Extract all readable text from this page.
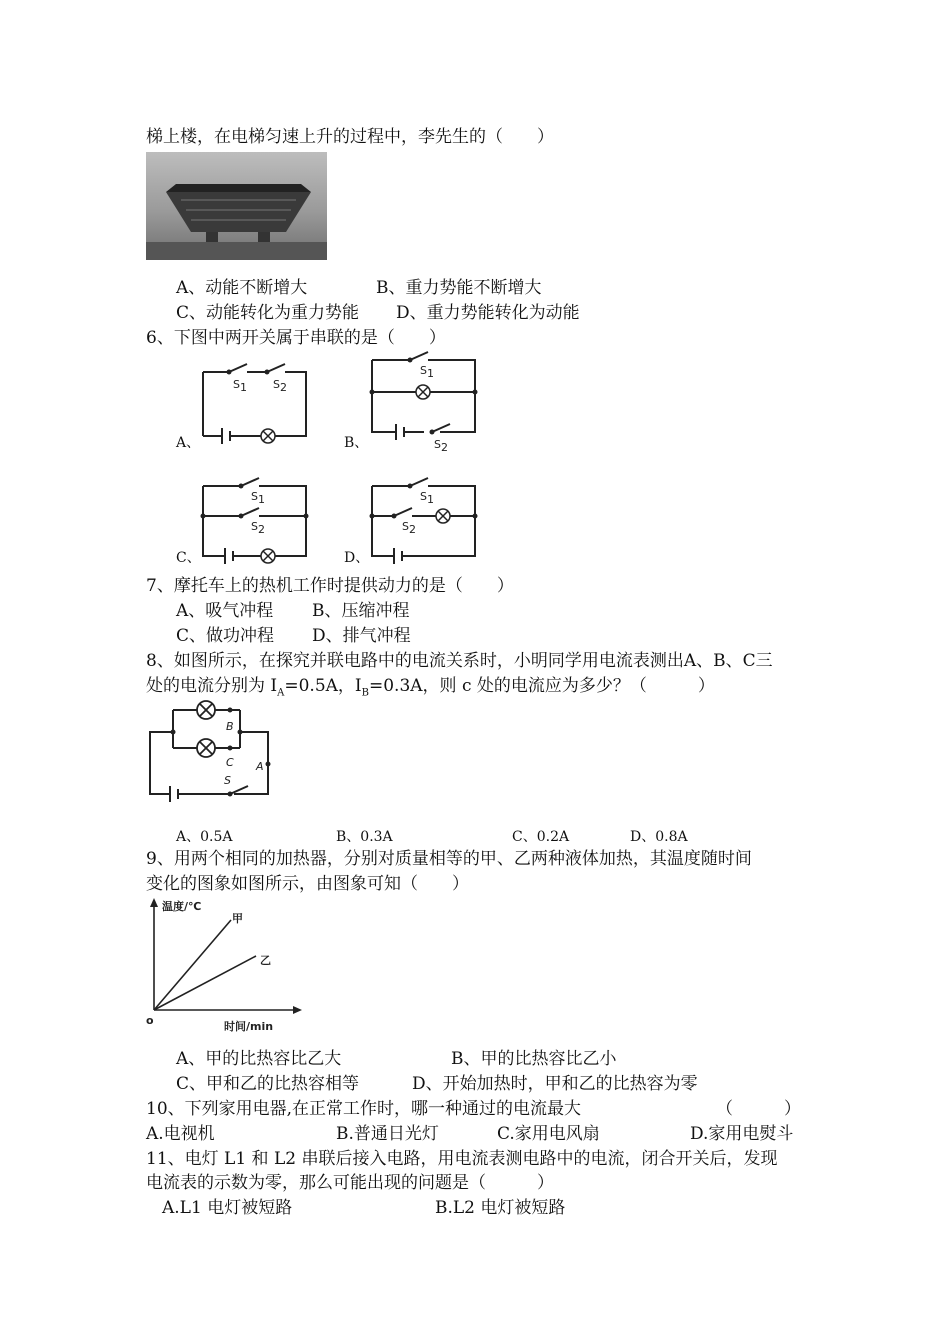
梯上楼，在电梯匀速上升的过程中，李先生的（　　）
A、动能不断增大	B、重力势能不断增大
C、动能转化为重力势能 D、重力势能转化为动能
6、下图中两开关属于串联的是（　　）
A、
S 1 S 2
B、
S 1
S 2
C、
S 1
S 2
D、
S 1
S 2
7、摩托车上的热机工作时提供动力的是（　　）
A、吸气冲程 B、压缩冲程
C、做功冲程 D、排气冲程
8、如图所示，在探究并联电路中的电流关系时，小明同学用电流表测出A、B、C三
处的电流分别为 $I_A=0.5A$，$I_B=0.3A$，则 c 处的电流应为多少？（　　　）
B
C A
S
A、0.5A	B、0.3A	C、0.2A	D、0.8A
9、用两个相同的加热器，分别对质量相等的甲、乙两种液体加热，其温度随时间
变化的图象如图所示，由图象可知（　　）
温度/℃
时间/min
o
甲
乙
A、甲的比热容比乙大	B、甲的比热容比乙小
C、甲和乙的比热容相等	D、开始加热时，甲和乙的比热容为零
10、下列家用电器,在正常工作时，哪一种通过的电流最大	（　　　）
A.电视机	B.普通日光灯	C.家用电风扇	D.家用电熨斗
11、电灯 L1 和 L2 串联后接入电路，用电流表测电路中的电流，闭合开关后，发现
电流表的示数为零，那么可能出现的问题是（　　　）
A.L1 电灯被短路	B.L2 电灯被短路
